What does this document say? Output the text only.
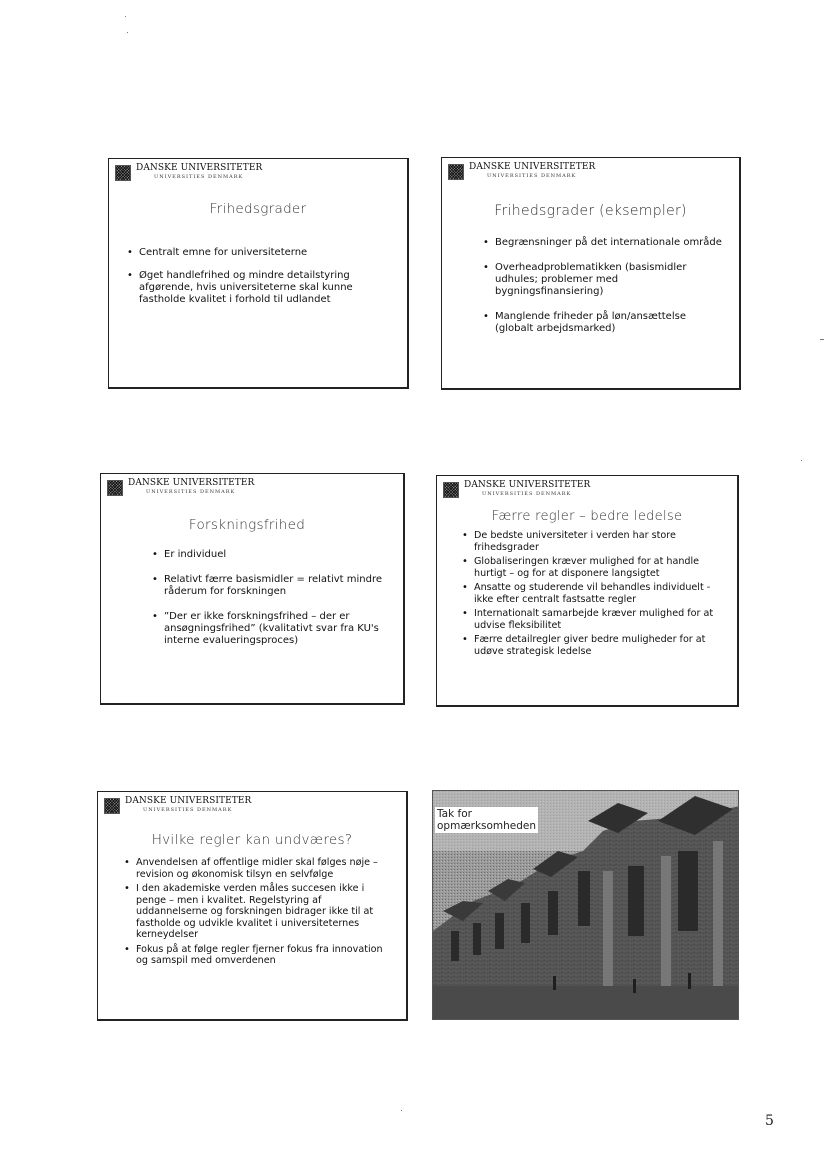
DANSKE UNIVERSITETER
UNIVERSITIES DENMARK
Frihedsgrader
• Centralt emne for universiteterne
• Øget handlefrihed og mindre detailstyring afgørende, hvis universiteterne skal kunne fastholde kvalitet i forhold til udlandet
DANSKE UNIVERSITETER
UNIVERSITIES DENMARK
Frihedsgrader (eksempler)
• Begrænsninger på det internationale område
• Overheadproblematikken (basismidler udhules; problemer med bygningsfinansiering)
• Manglende friheder på løn/ansættelse (globalt arbejdsmarked)
DANSKE UNIVERSITETER
UNIVERSITIES DENMARK
Forskningsfrihed
• Er individuel
• Relativt færre basismidler = relativt mindre råderum for forskningen
• ”Der er ikke forskningsfrihed – der er ansøgningsfrihed” (kvalitativt svar fra KU's interne evalueringsproces)
DANSKE UNIVERSITETER
UNIVERSITIES DENMARK
Færre regler – bedre ledelse
• De bedste universiteter i verden har store frihedsgrader
• Globaliseringen kræver mulighed for at handle hurtigt – og for at disponere langsigtet
• Ansatte og studerende vil behandles individuelt - ikke efter centralt fastsatte regler
• Internationalt samarbejde kræver mulighed for at udvise fleksibilitet
• Færre detailregler giver bedre muligheder for at udøve strategisk ledelse
DANSKE UNIVERSITETER
UNIVERSITIES DENMARK
Hvilke regler kan undværes?
• Anvendelsen af offentlige midler skal følges nøje – revision og økonomisk tilsyn en selvfølge
• I den akademiske verden måles succesen ikke i penge – men i kvalitet. Regelstyring af uddannelserne og forskningen bidrager ikke til at fastholde og udvikle kvalitet i universiteternes kerneydelser
• Fokus på at følge regler fjerner fokus fra innovation og samspil med omverdenen
Tak for
opmærksomheden
5
